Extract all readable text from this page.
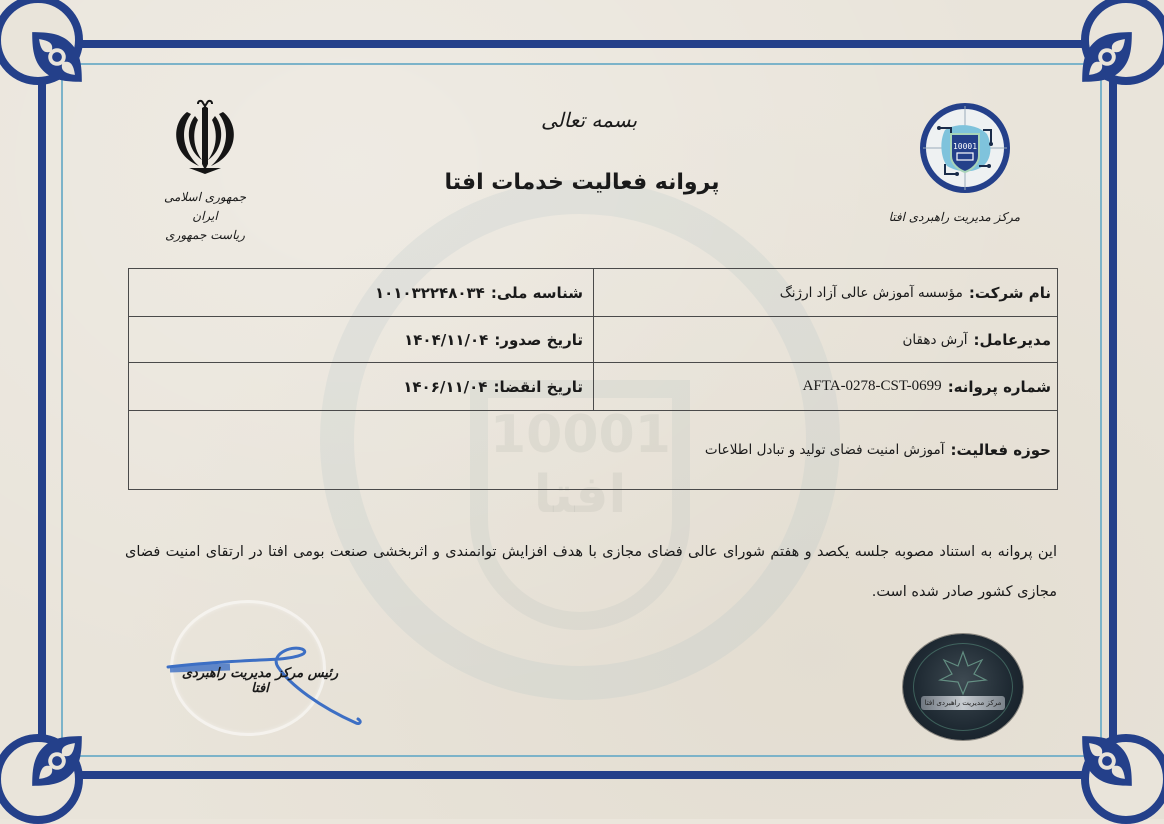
10001 افتا
بسمه تعالی
پروانه فعالیت خدمات افتا
جمهوری اسلامی ایران
ریاست جمهوری
10001
مرکز مدیریت راهبردی افتا
نام شرکت:
مؤسسه آموزش عالی آزاد ارژنگ
شناسه ملی:
۱۰۱۰۳۲۲۴۸۰۳۴
مدیرعامل:
آرش دهقان
تاریخ صدور:
۱۴۰۴/۱۱/۰۴
شماره پروانه:
AFTA-0278-CST-0699
تاریخ انقضا:
۱۴۰۶/۱۱/۰۴
حوزه فعالیت:
آموزش امنیت فضای تولید و تبادل اطلاعات
این پروانه به استناد مصوبه جلسه یکصد و هفتم شورای عالی فضای مجازی با هدف افزایش توانمندی و اثربخشی صنعت بومی افتا در ارتقای امنیت فضای مجازی کشور صادر شده است.
رئیس مرکز مدیریت راهبردی افتا
مرکز مدیریت راهبردی افتا
